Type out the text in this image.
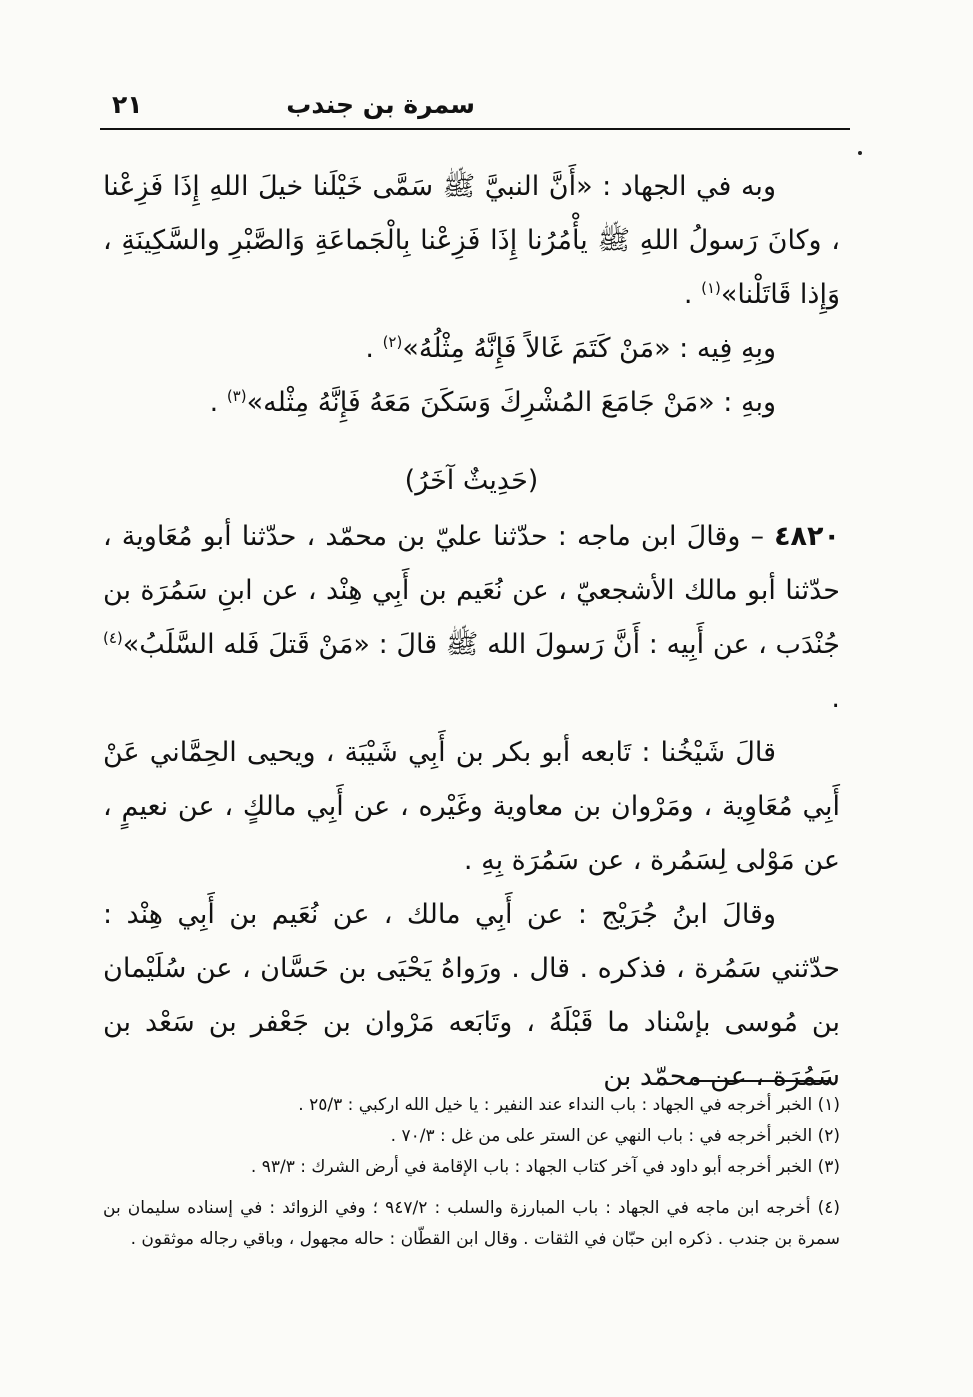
سمرة بن جندب
٢١

وبه في الجهاد : «أَنَّ النبيَّ ﷺ سَمَّى خَيْلَنا خيلَ اللهِ إِذَا فَزِعْنا ، وكانَ رَسولُ اللهِ ﷺ يأْمُرُنا إِذَا فَزِعْنا بِالْجَماعَةِ وَالصَّبْرِ والسَّكِينَةِ ، وَإِذا قَاتَلْنا»$^{(١)}$ .

وبِهِ فِيه : «مَنْ كَتَمَ غَالاً فَإِنَّهُ مِثْلُهُ»$^{(٢)}$ .

وبهِ : «مَنْ جَامَعَ المُشْرِكَ وَسَكَنَ مَعَهُ فَإِنَّهُ مِثْله»$^{(٣)}$ .

(حَدِيثٌ آخَرُ)

٤٨٢٠ – وقالَ ابن ماجه : حدّثنا عليّ بن محمّد ، حدّثنا أبو مُعَاوية ، حدّثنا أبو مالك الأشجعيّ ، عن نُعَيم بن أَبِي هِنْد ، عن ابنِ سَمُرَة بن جُنْدَب ، عن أَبِيه : أَنَّ رَسولَ الله ﷺ قالَ : «مَنْ قَتلَ فَله السَّلَبُ»$^{(٤)}$ .

قالَ شَيْخُنا : تَابعه أبو بكر بن أَبِي شَيْبَة ، ويحيى الحِمَّاني عَنْ أَبِي مُعَاوِية ، ومَرْوان بن معاوية وغَيْره ، عن أَبِي مالكٍ ، عن نعيمٍ ، عن مَوْلى لِسَمُرة ، عن سَمُرَة بِهِ .

وقالَ ابنُ جُرَيْج : عن أَبِي مالك ، عن نُعَيم بن أَبِي هِنْد : حدّثني سَمُرة ، فذكره . قال . ورَواهُ يَحْيَى بن حَسَّان ، عن سُلَيْمان بن مُوسى بإسْناد ما قَبْلَهُ ، وتَابَعه مَرْوان بن جَعْفر بن سَعْد بن سَمُرَة ، عن محمّد بن

(١) الخبر أخرجه في الجهاد : باب النداء عند النفير : يا خيل الله اركبي : ٢٥/٣ .

(٢) الخبر أخرجه في : باب النهي عن الستر على من غل : ٧٠/٣ .

(٣) الخبر أخرجه أبو داود في آخر كتاب الجهاد : باب الإقامة في أرض الشرك : ٩٣/٣ .

(٤) أخرجه ابن ماجه في الجهاد : باب المبارزة والسلب : ٩٤٧/٢ ؛ وفي الزوائد : في إسناده سليمان بن سمرة بن جندب . ذكره ابن حبّان في الثقات . وقال ابن القطّان : حاله مجهول ، وباقي رجاله موثقون .
